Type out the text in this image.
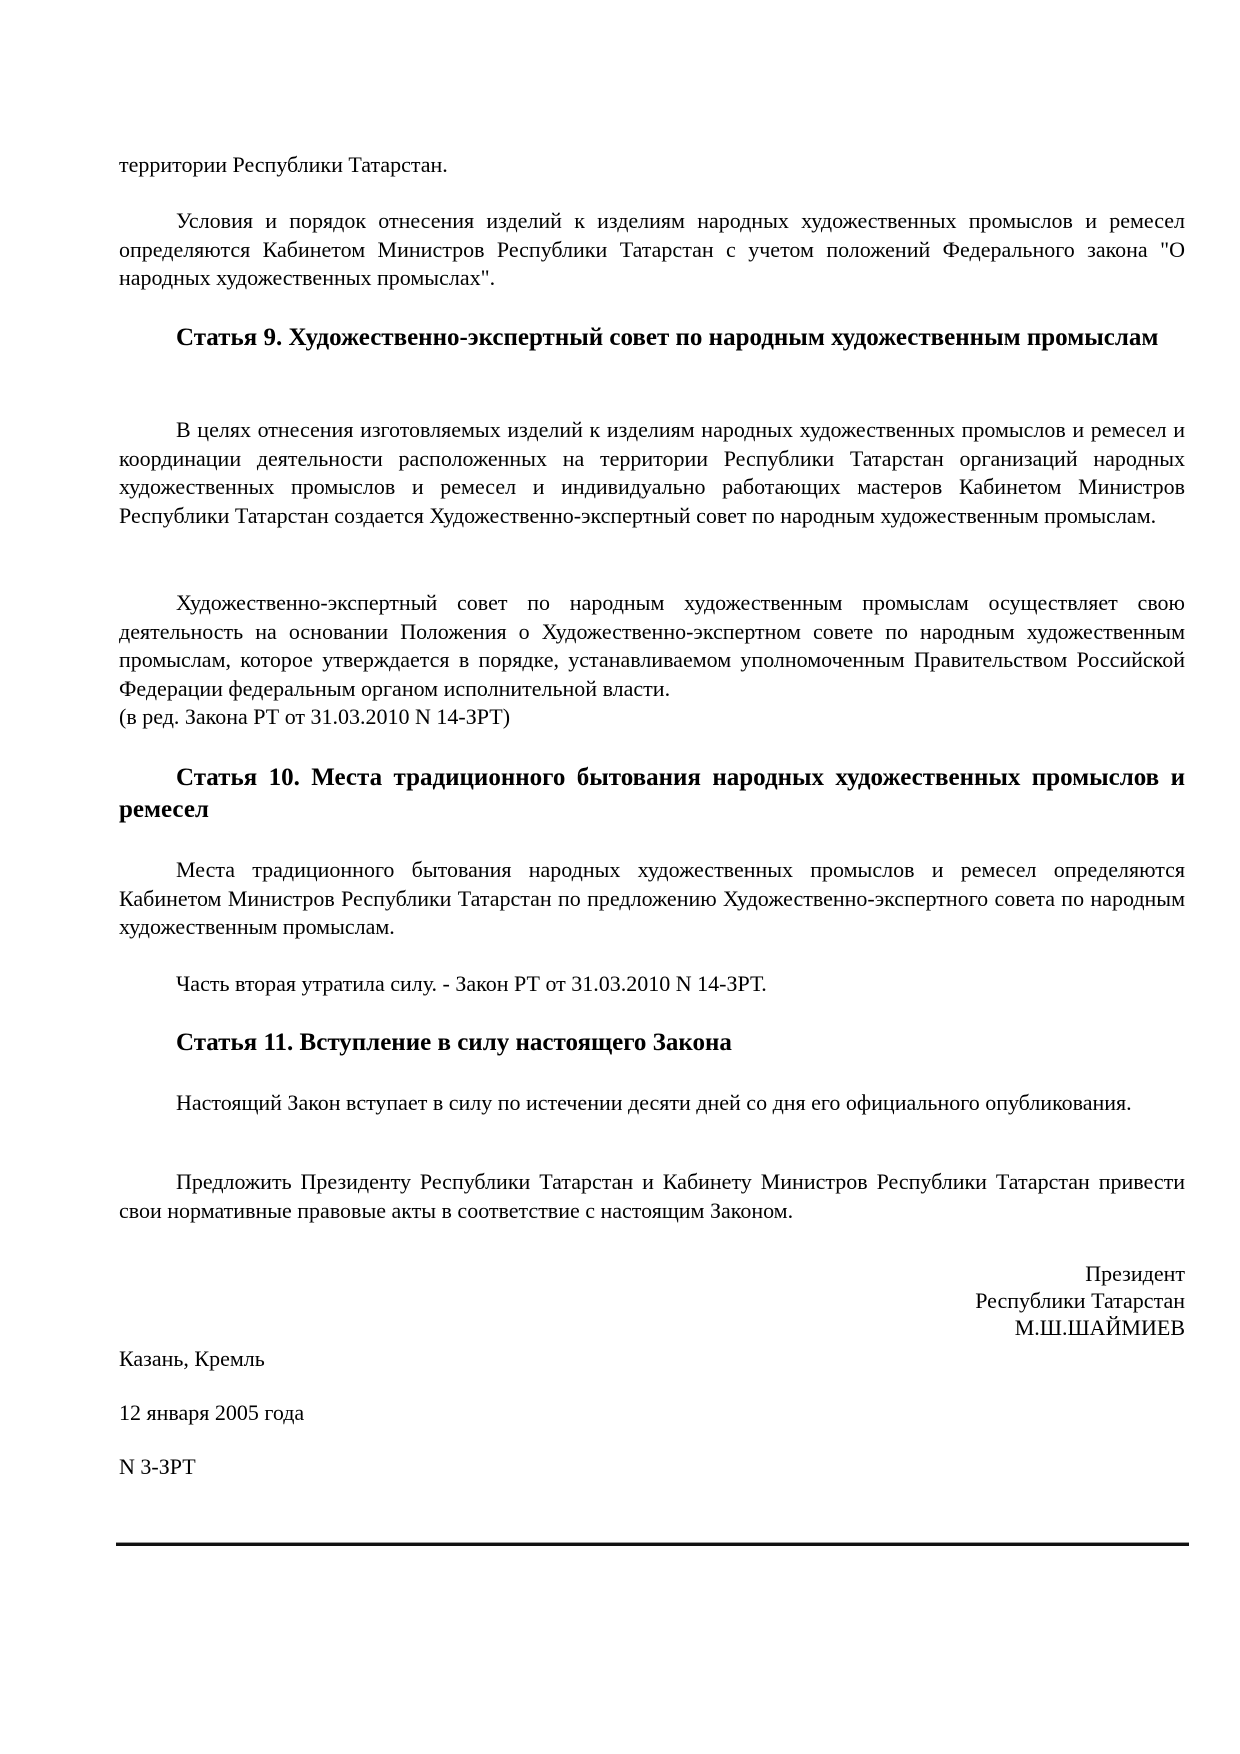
территории Республики Татарстан.

Условия и порядок отнесения изделий к изделиям народных художественных промыслов и ремесел определяются Кабинетом Министров Республики Татарстан с учетом положений Федерального закона "О народных художественных промыслах".

Статья 9. Художественно-экспертный совет по народным художественным промыслам

В целях отнесения изготовляемых изделий к изделиям народных художественных промыслов и ремесел и координации деятельности расположенных на территории Республики Татарстан организаций народных художественных промыслов и ремесел и индивидуально работающих мастеров Кабинетом Министров Республики Татарстан создается Художественно-экспертный совет по народным художественным промыслам.

Художественно-экспертный совет по народным художественным промыслам осуществляет свою деятельность на основании Положения о Художественно-экспертном совете по народным художественным промыслам, которое утверждается в порядке, устанавливаемом уполномоченным Правительством Российской Федерации федеральным органом исполнительной власти.

(в ред. Закона РТ от 31.03.2010 N 14-ЗРТ)

Статья 10. Места традиционного бытования народных художественных промыслов и ремесел

Места традиционного бытования народных художественных промыслов и ремесел определяются Кабинетом Министров Республики Татарстан по предложению Художественно-экспертного совета по народным художественным промыслам.

Часть вторая утратила силу. - Закон РТ от 31.03.2010 N 14-ЗРТ.

Статья 11. Вступление в силу настоящего Закона

Настоящий Закон вступает в силу по истечении десяти дней со дня его официального опубликования.

Предложить Президенту Республики Татарстан и Кабинету Министров Республики Татарстан привести свои нормативные правовые акты в соответствие с настоящим Законом.

Президент
Республики Татарстан
М.Ш.ШАЙМИЕВ

Казань, Кремль

12 января 2005 года

N 3-ЗРТ
